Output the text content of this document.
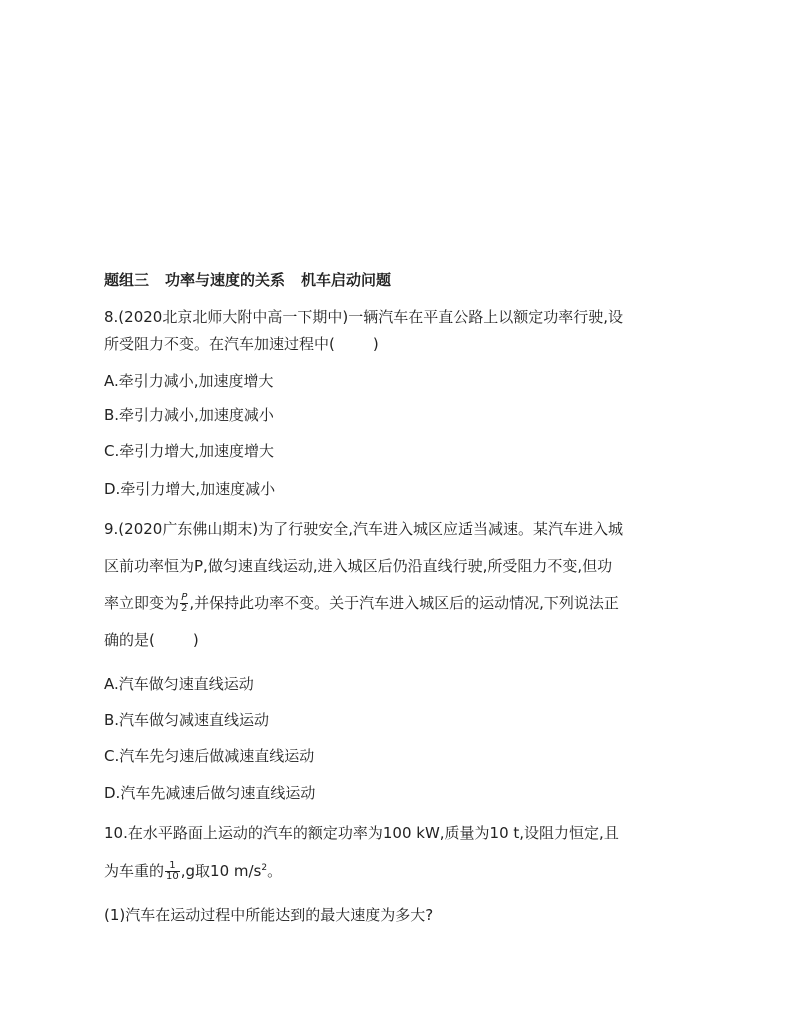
题组三 功率与速度的关系 机车启动问题
8.(2020北京北师大附中高一下期中)一辆汽车在平直公路上以额定功率行驶,设
所受阻力不变。在汽车加速过程中(	)
A.牵引力减小,加速度增大
B.牵引力减小,加速度减小
C.牵引力增大,加速度增大
D.牵引力增大,加速度减小
9.(2020广东佛山期末)为了行驶安全,汽车进入城区应适当减速。某汽车进入城
区前功率恒为P,做匀速直线运动,进入城区后仍沿直线行驶,所受阻力不变,但功
率立即变为 $\frac{P}{2}$ ,并保持此功率不变。关于汽车进入城区后的运动情况,下列说法正
确的是(	)
A.汽车做匀速直线运动
B.汽车做匀减速直线运动
C.汽车先匀速后做减速直线运动
D.汽车先减速后做匀速直线运动
10.在水平路面上运动的汽车的额定功率为100 kW,质量为10 t,设阻力恒定,且
为车重的 $\frac{1}{10} ,g$取10 $m/s^2$。
(1)汽车在运动过程中所能达到的最大速度为多大?
